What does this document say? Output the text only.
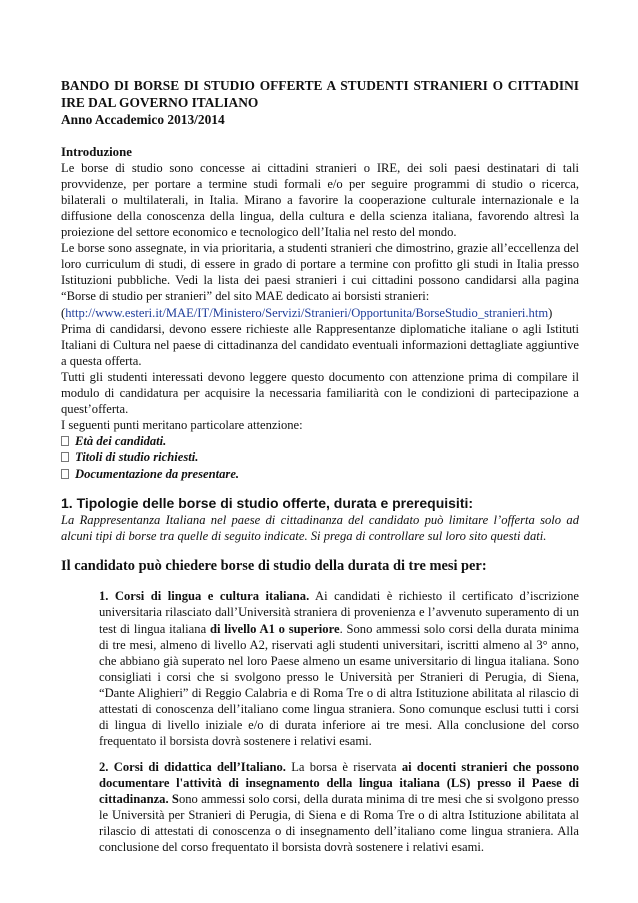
BANDO DI BORSE DI STUDIO OFFERTE A STUDENTI STRANIERI O CITTADINI IRE DAL GOVERNO ITALIANO
Anno Accademico 2013/2014
Introduzione

Le borse di studio sono concesse ai cittadini stranieri o IRE, dei soli paesi destinatari di tali provvidenze, per portare a termine studi formali e/o per seguire programmi di studio o ricerca, bilaterali o multilaterali, in Italia. Mirano a favorire la cooperazione culturale internazionale e la diffusione della conoscenza della lingua, della cultura e della scienza italiana, favorendo altresì la proiezione del settore economico e tecnologico dell’Italia nel resto del mondo.

Le borse sono assegnate, in via prioritaria, a studenti stranieri che dimostrino, grazie all’eccellenza del loro curriculum di studi, di essere in grado di portare a termine con profitto gli studi in Italia presso Istituzioni pubbliche. Vedi la lista dei paesi stranieri i cui cittadini possono candidarsi alla pagina “Borse di studio per stranieri” del sito MAE dedicato ai borsisti stranieri:

(http://www.esteri.it/MAE/IT/Ministero/Servizi/Stranieri/Opportunita/BorseStudio_stranieri.htm)

Prima di candidarsi, devono essere richieste alle Rappresentanze diplomatiche italiane o agli Istituti Italiani di Cultura nel paese di cittadinanza del candidato eventuali informazioni dettagliate aggiuntive a questa offerta.

Tutti gli studenti interessati devono leggere questo documento con attenzione prima di compilare il modulo di candidatura per acquisire la necessaria familiarità con le condizioni di partecipazione a quest’offerta.

I seguenti punti meritano particolare attenzione:

Età dei candidati.
Titoli di studio richiesti.
Documentazione da presentare.
1. Tipologie delle borse di studio offerte, durata e prerequisiti:

La Rappresentanza Italiana nel paese di cittadinanza del candidato può limitare l’offerta solo ad alcuni tipi di borse tra quelle di seguito indicate. Si prega di controllare sul loro sito questi dati.

Il candidato può chiedere borse di studio della durata di tre mesi per:

1. Corsi di lingua e cultura italiana. Ai candidati è richiesto il certificato d’iscrizione universitaria rilasciato dall’Università straniera di provenienza e l’avvenuto superamento di un test di lingua italiana di livello A1 o superiore. Sono ammessi solo corsi della durata minima di tre mesi, almeno di livello A2, riservati agli studenti universitari, iscritti almeno al 3° anno, che abbiano già superato nel loro Paese almeno un esame universitario di lingua italiana. Sono consigliati i corsi che si svolgono presso le Università per Stranieri di Perugia, di Siena, “Dante Alighieri” di Reggio Calabria e di Roma Tre o di altra Istituzione abilitata al rilascio di attestati di conoscenza dell’italiano come lingua straniera. Sono comunque esclusi tutti i corsi di lingua di livello iniziale e/o di durata inferiore ai tre mesi. Alla conclusione del corso frequentato il borsista dovrà sostenere i relativi esami.

2. Corsi di didattica dell’Italiano. La borsa è riservata ai docenti stranieri che possono documentare l'attività di insegnamento della lingua italiana (LS) presso il Paese di cittadinanza. Sono ammessi solo corsi, della durata minima di tre mesi che si svolgono presso le Università per Stranieri di Perugia, di Siena e di Roma Tre o di altra Istituzione abilitata al rilascio di attestati di conoscenza o di insegnamento dell’italiano come lingua straniera. Alla conclusione del corso frequentato il borsista dovrà sostenere i relativi esami.
